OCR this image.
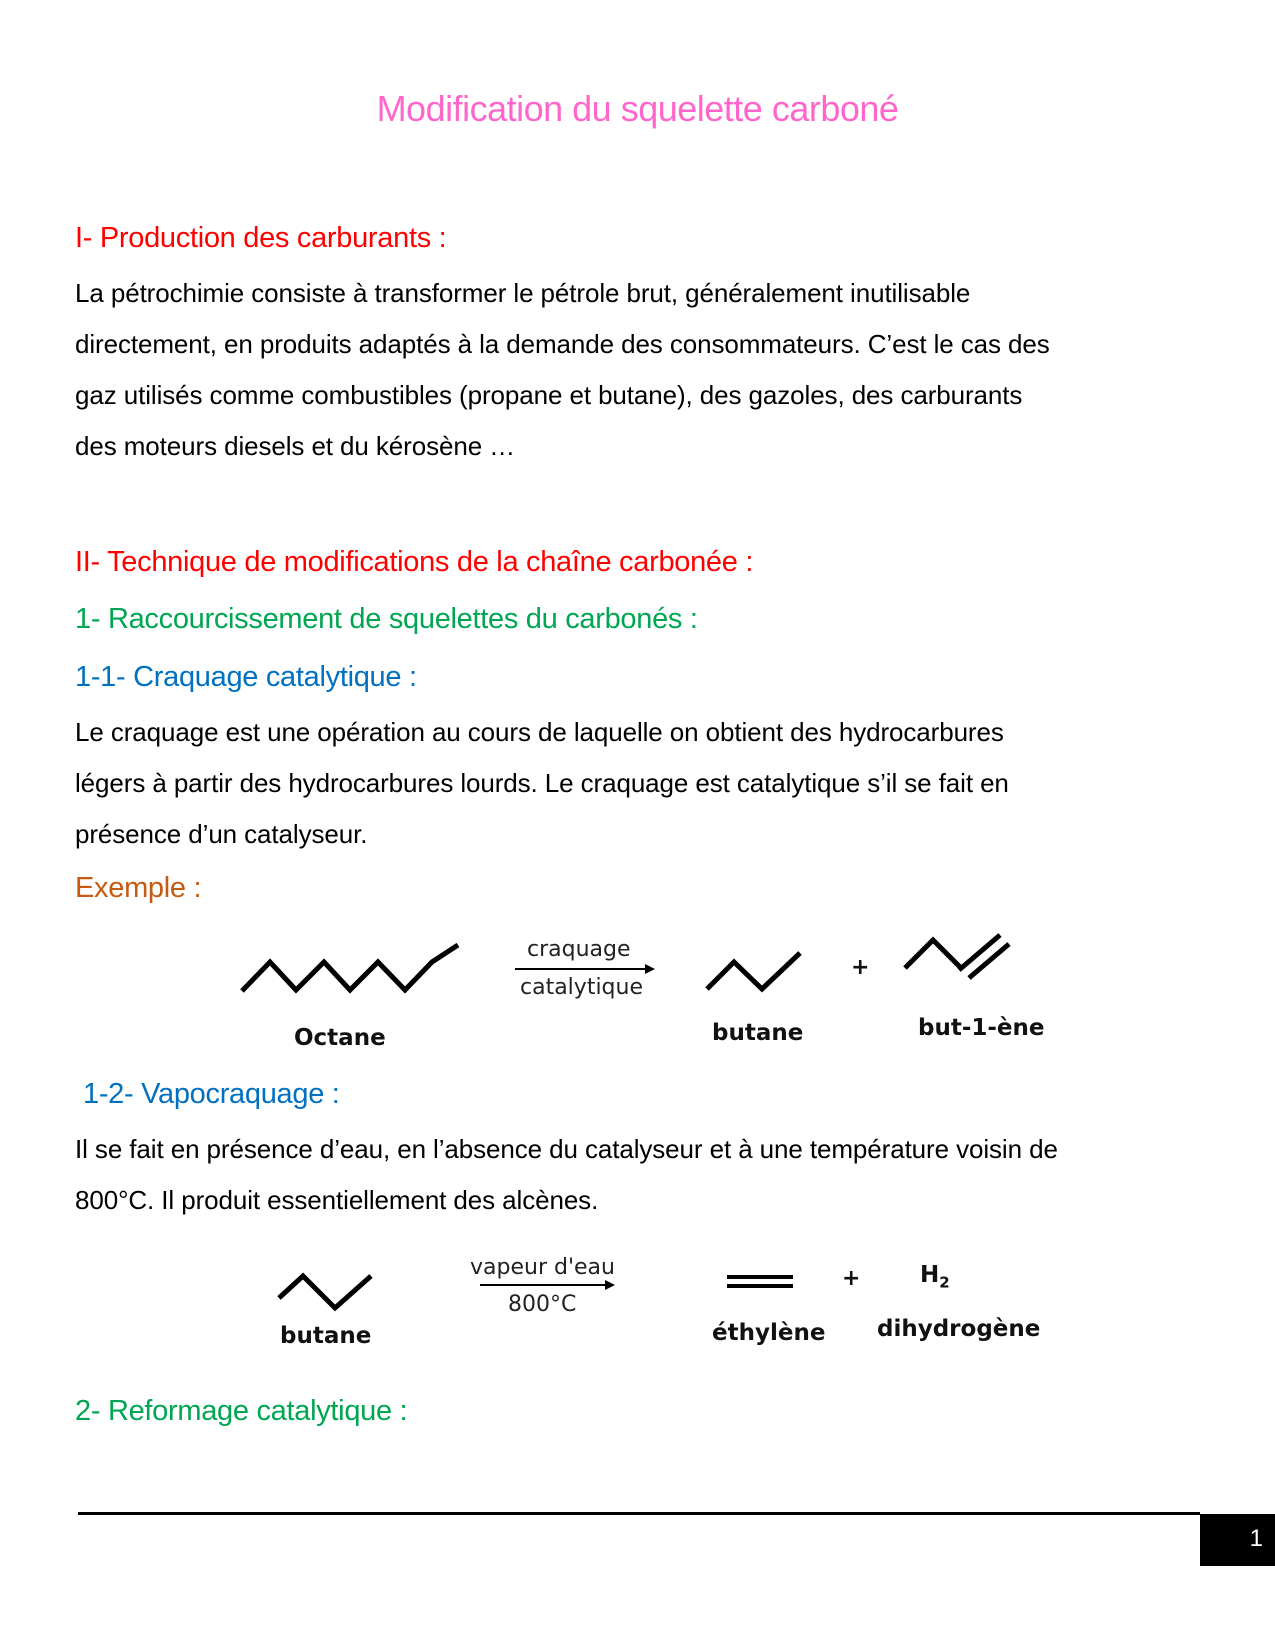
Modification du squelette carboné
I- Production des carburants :
La pétrochimie consiste à transformer le pétrole brut, généralement inutilisable
directement, en produits adaptés à la demande des consommateurs. C’est le cas des
gaz utilisés comme combustibles (propane et butane), des gazoles, des carburants
des moteurs diesels et du kérosène …
II- Technique de modifications de la chaîne carbonée :
1- Raccourcissement de squelettes du carbonés :
1-1- Craquage catalytique :
Le craquage est une opération au cours de laquelle on obtient des hydrocarbures
légers à partir des hydrocarbures lourds. Le craquage est catalytique s’il se fait en
présence d’un catalyseur.
Exemple :
Octane
craquage
catalytique
butane
+
but-1-ène
1-2- Vapocraquage :
Il se fait en présence d’eau, en l’absence du catalyseur et à une température voisin de
800°C. Il produit essentiellement des alcènes.
butane
vapeur d'eau
800°C
éthylène
+	$H_2$
dihydrogène
2- Reformage catalytique :
1
